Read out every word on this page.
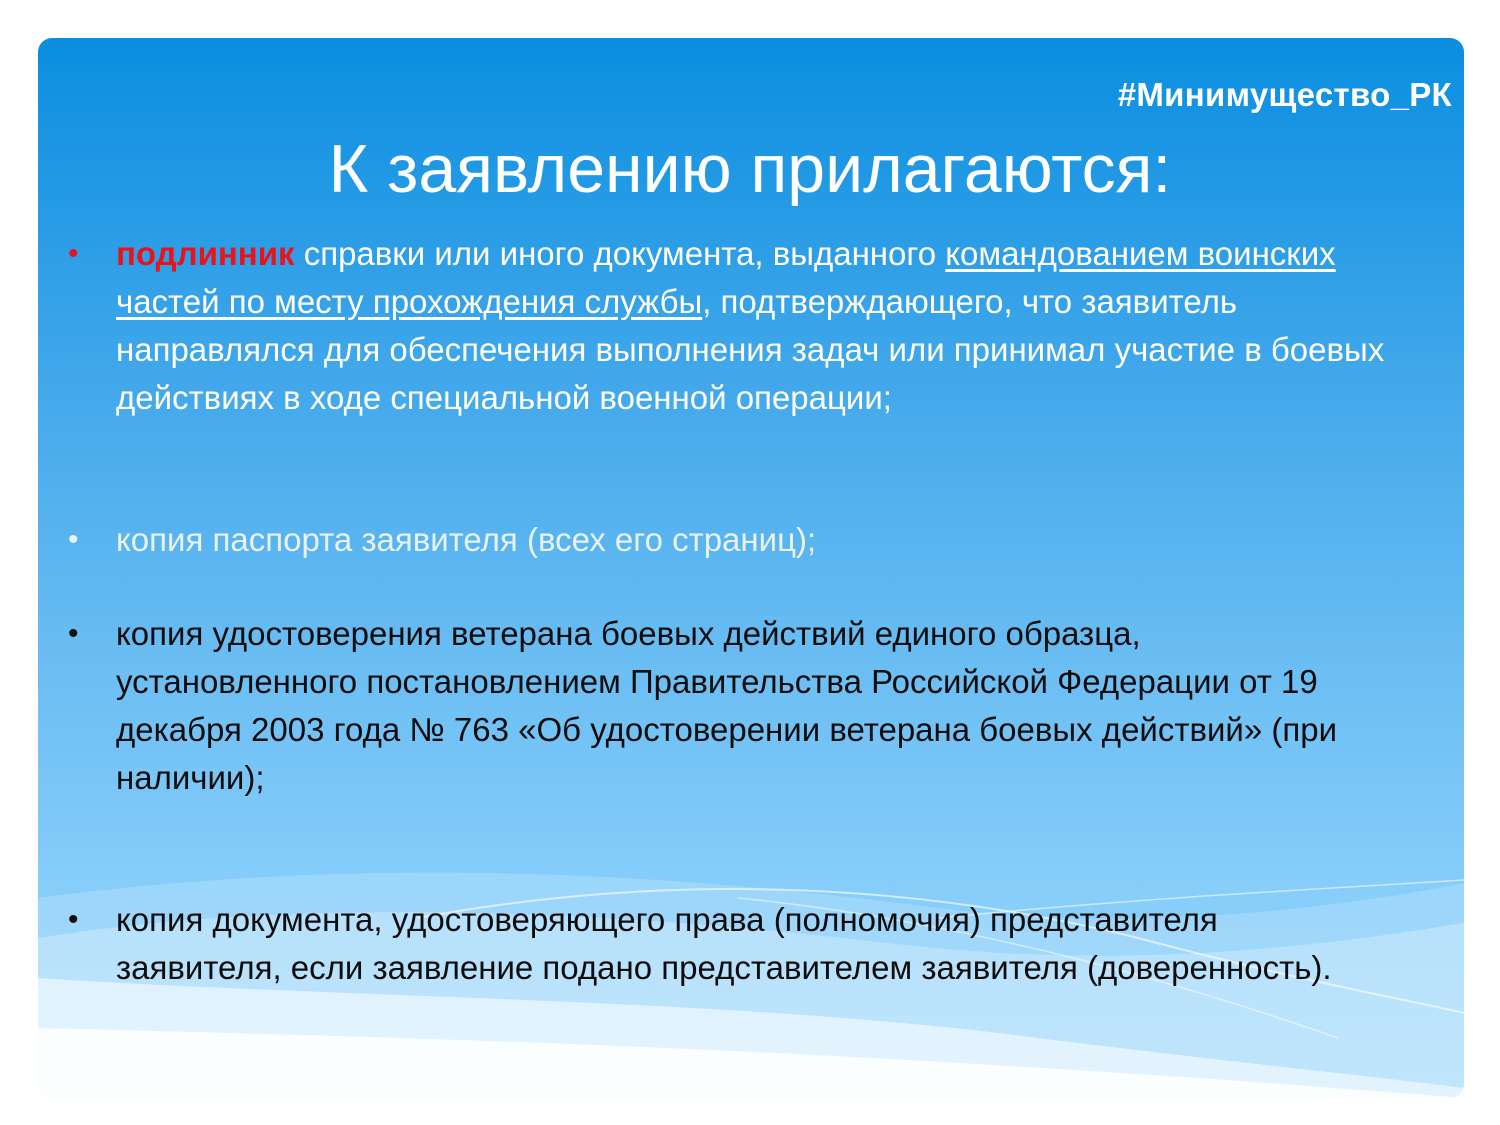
#Минимущество_РК
К заявлению прилагаются:
• подлинник справки или иного документа, выданного командованием воинских частей по месту прохождения службы, подтверждающего, что заявитель направлялся для обеспечения выполнения задач или принимал участие в боевых действиях в ходе специальной военной операции;
• копия паспорта заявителя (всех его страниц);
• копия удостоверения ветерана боевых действий единого образца, установленного постановлением Правительства Российской Федерации от 19 декабря 2003 года № 763 «Об удостоверении ветерана боевых действий» (при наличии);
• копия документа, удостоверяющего права (полномочия) представителя заявителя, если заявление подано представителем заявителя (доверенность).
